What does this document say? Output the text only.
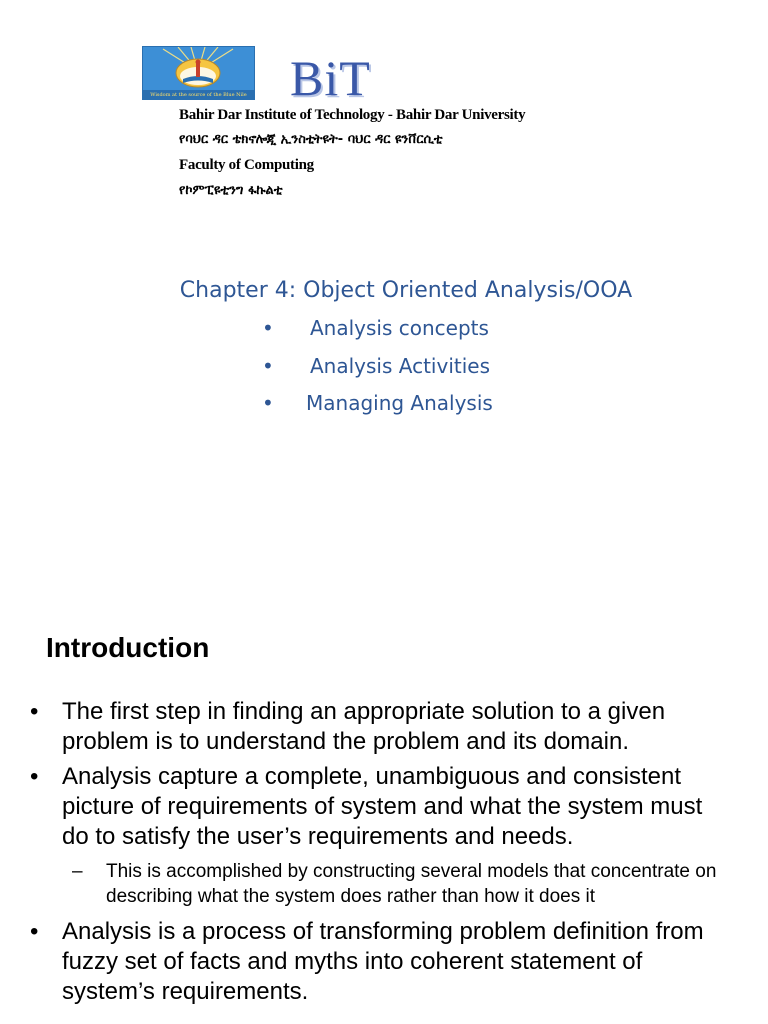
Wisdom at the source of the Blue Nile BiT
Bahir Dar Institute of Technology - Bahir Dar University
የባህር ዳር ቴክኖሎጂ ኢንስቲትዩት- ባህር ዳር ዩንቨርሲቲ
Faculty of Computing
የኮምፒዩቲንግ ፋኩልቲ
Chapter 4: Object Oriented Analysis/OOA
• Analysis concepts
• Analysis Activities
• Managing Analysis
Introduction
• The first step in finding an appropriate solution to a given problem is to understand the problem and its domain.
• Analysis capture a complete, unambiguous and consistent picture of requirements of system and what the system must do to satisfy the user’s requirements and needs.
– This is accomplished by constructing several models that concentrate on describing what the system does rather than how it does it
• Analysis is a process of transforming problem definition from fuzzy set of facts and myths into coherent statement of system’s requirements.
